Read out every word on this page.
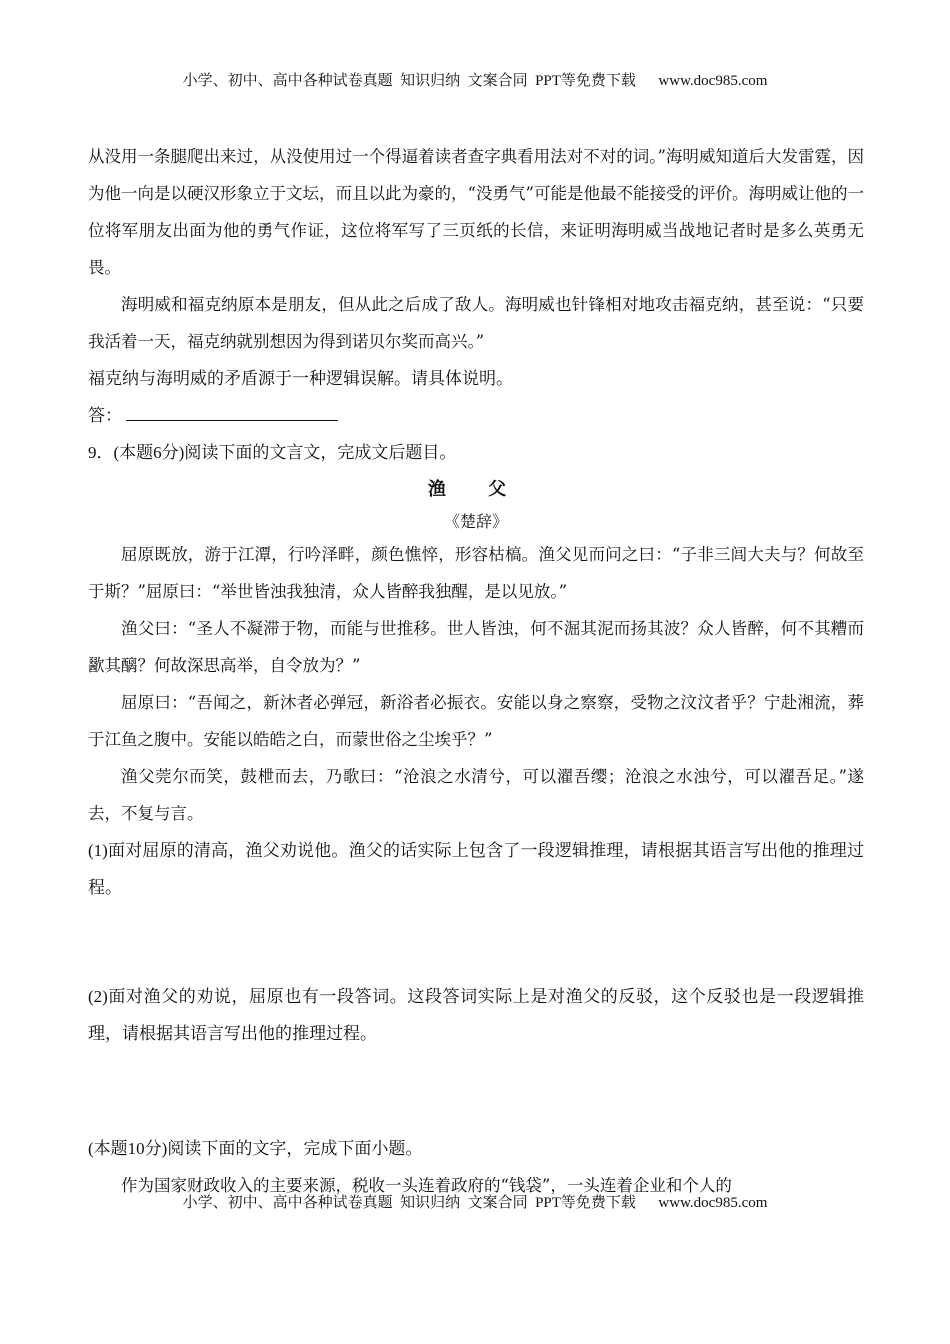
小学、初中、高中各种试卷真题  知识归纳  文案合同  PPT等免费下载      www.doc985.com

从没用一条腿爬出来过，从没使用过一个得逼着读者查字典看用法对不对的词。”海明威知道后大发雷霆，因为他一向是以硬汉形象立于文坛，而且以此为豪的，“没勇气”可能是他最不能接受的评价。海明威让他的一位将军朋友出面为他的勇气作证，这位将军写了三页纸的长信，来证明海明威当战地记者时是多么英勇无畏。

海明威和福克纳原本是朋友，但从此之后成了敌人。海明威也针锋相对地攻击福克纳，甚至说：“只要我活着一天，福克纳就别想因为得到诺贝尔奖而高兴。”

福克纳与海明威的矛盾源于一种逻辑误解。请具体说明。

答：

9．(本题6分)阅读下面的文言文，完成文后题目。

渔 父

《楚辞》

屈原既放，游于江潭，行吟泽畔，颜色憔悴，形容枯槁。渔父见而问之曰：“子非三闾大夫与？何故至于斯？”屈原曰：“举世皆浊我独清，众人皆醉我独醒，是以见放。”

渔父曰：“圣人不凝滞于物，而能与世推移。世人皆浊，何不淈其泥而扬其波？众人皆醉，何不其糟而歠其醨？何故深思高举，自令放为？”

屈原曰：“吾闻之，新沐者必弹冠，新浴者必振衣。安能以身之察察，受物之汶汶者乎？宁赴湘流，葬于江鱼之腹中。安能以皓皓之白，而蒙世俗之尘埃乎？”

渔父莞尔而笑，鼓枻而去，乃歌曰：“沧浪之水清兮，可以濯吾缨；沧浪之水浊兮，可以濯吾足。”遂去，不复与言。

(1)面对屈原的清高，渔父劝说他。渔父的话实际上包含了一段逻辑推理，请根据其语言写出他的推理过程。

(2)面对渔父的劝说，屈原也有一段答词。这段答词实际上是对渔父的反驳，这个反驳也是一段逻辑推理，请根据其语言写出他的推理过程。

(本题10分)阅读下面的文字，完成下面小题。

作为国家财政收入的主要来源，税收一头连着政府的“钱袋”，一头连着企业和个人的

小学、初中、高中各种试卷真题  知识归纳  文案合同  PPT等免费下载      www.doc985.com
